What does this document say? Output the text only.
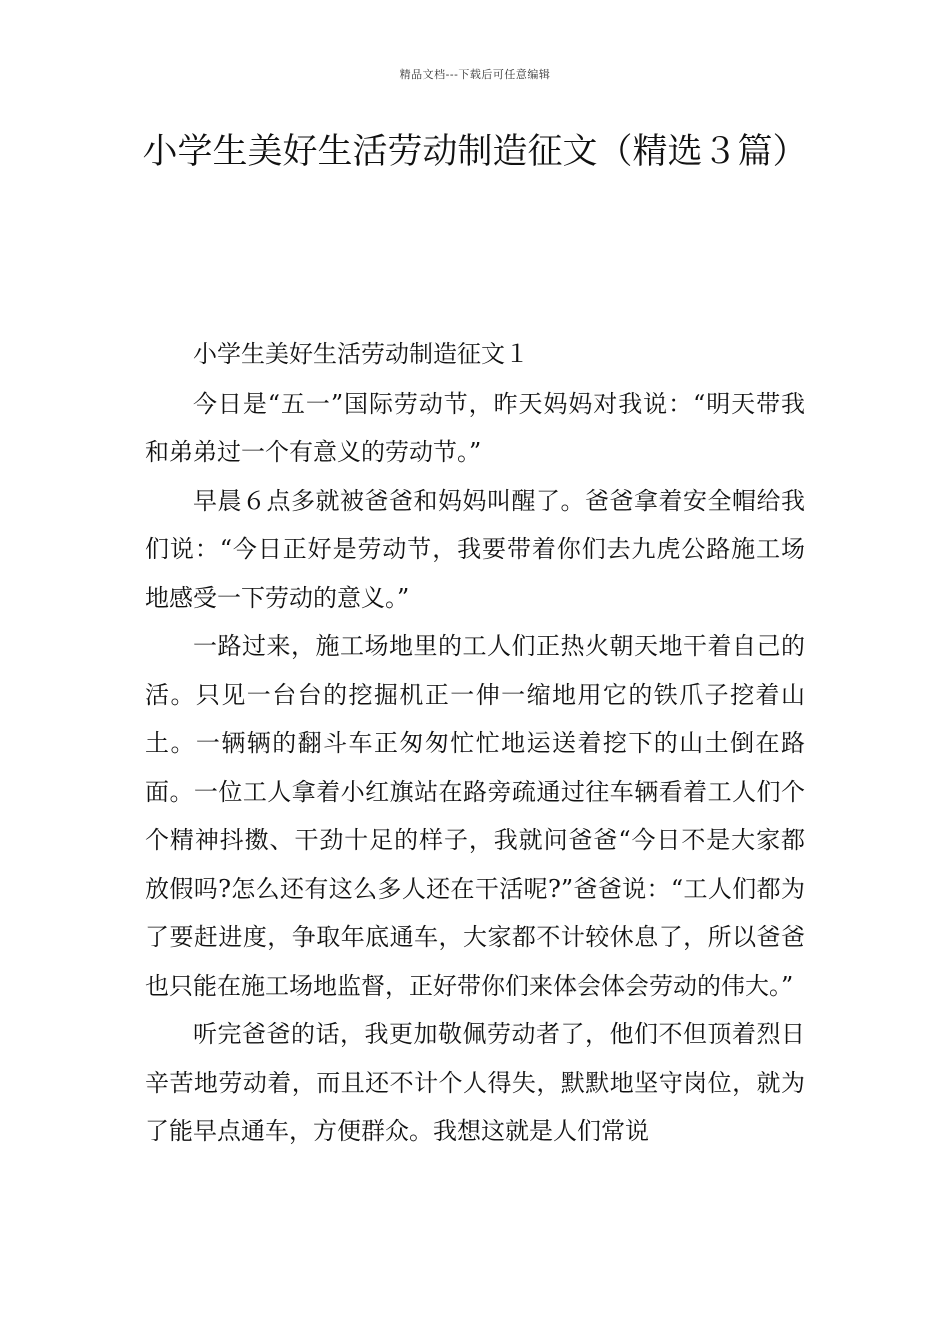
精品文档---下载后可任意编辑
小学生美好生活劳动制造征文（精选３篇）

小学生美好生活劳动制造征文１

今日是“五一”国际劳动节，昨天妈妈对我说：“明天带我和弟弟过一个有意义的劳动节。”

早晨６点多就被爸爸和妈妈叫醒了。爸爸拿着安全帽给我们说：“今日正好是劳动节，我要带着你们去九虎公路施工场地感受一下劳动的意义。”

一路过来，施工场地里的工人们正热火朝天地干着自己的活。只见一台台的挖掘机正一伸一缩地用它的铁爪子挖着山土。一辆辆的翻斗车正匆匆忙忙地运送着挖下的山土倒在路面。一位工人拿着小红旗站在路旁疏通过往车辆看着工人们个个精神抖擞、干劲十足的样子，我就问爸爸“今日不是大家都放假吗?怎么还有这么多人还在干活呢?”爸爸说：“工人们都为了要赶进度，争取年底通车，大家都不计较休息了，所以爸爸也只能在施工场地监督，正好带你们来体会体会劳动的伟大。”

听完爸爸的话，我更加敬佩劳动者了，他们不但顶着烈日辛苦地劳动着，而且还不计个人得失，默默地坚守岗位，就为了能早点通车，方便群众。我想这就是人们常说
